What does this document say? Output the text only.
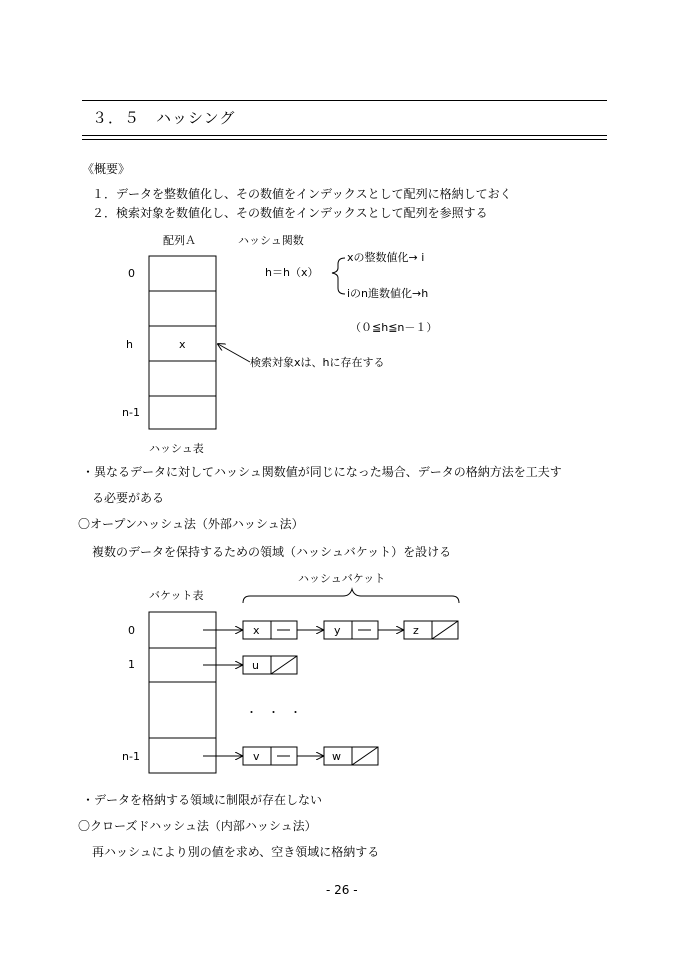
３．５　ハッシング
《概要》
１．データを整数値化し、その数値をインデックスとして配列に格納しておく
２．検索対象を数値化し、その数値をインデックスとして配列を参照する
配列Ａ	ハッシュ関数
0
h
n-1
x
h＝h（x）
xの整数値化→ i
iのn進数値化→h
（０≦h≦n－１）
検索対象xは、hに存在する
ハッシュ表
・異なるデータに対してハッシュ関数値が同じになった場合、データの格納方法を工夫す
る必要がある
〇オープンハッシュ法（外部ハッシュ法）
複数のデータを保持するための領域（ハッシュバケット）を設ける
ハッシュバケット
バケット表
0
1
n-1
x	y	z
u
・　・　・
v	w
・データを格納する領域に制限が存在しない
〇クローズドハッシュ法（内部ハッシュ法）
再ハッシュにより別の値を求め、空き領域に格納する
- 26 -
